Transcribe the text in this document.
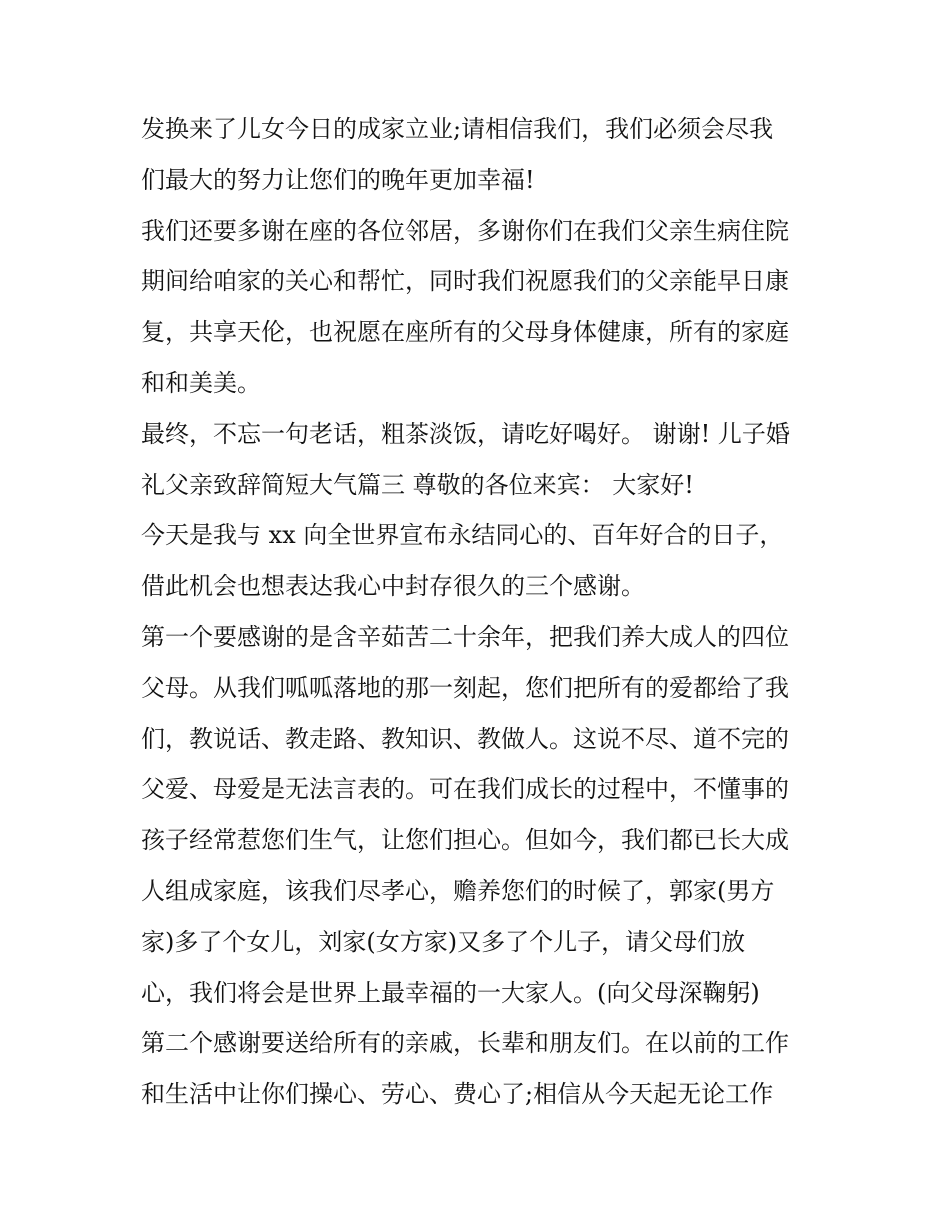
发换来了儿女今日的成家立业;请相信我们，我们必须会尽我
们最大的努力让您们的晚年更加幸福!
我们还要多谢在座的各位邻居，多谢你们在我们父亲生病住院
期间给咱家的关心和帮忙，同时我们祝愿我们的父亲能早日康
复，共享天伦，也祝愿在座所有的父母身体健康，所有的家庭
和和美美。
最终，不忘一句老话，粗茶淡饭，请吃好喝好。 谢谢! 儿子婚
礼父亲致辞简短大气篇三 尊敬的各位来宾： 大家好!
今天是我与 xx 向全世界宣布永结同心的、百年好合的日子，
借此机会也想表达我心中封存很久的三个感谢。
第一个要感谢的是含辛茹苦二十余年，把我们养大成人的四位
父母。从我们呱呱落地的那一刻起，您们把所有的爱都给了我
们，教说话、教走路、教知识、教做人。这说不尽、道不完的
父爱、母爱是无法言表的。可在我们成长的过程中，不懂事的
孩子经常惹您们生气，让您们担心。但如今，我们都已长大成
人组成家庭，该我们尽孝心，赡养您们的时候了，郭家(男方
家)多了个女儿，刘家(女方家)又多了个儿子，请父母们放
心，我们将会是世界上最幸福的一大家人。(向父母深鞠躬)
第二个感谢要送给所有的亲戚，长辈和朋友们。在以前的工作
和生活中让你们操心、劳心、费心了;相信从今天起无论工作
